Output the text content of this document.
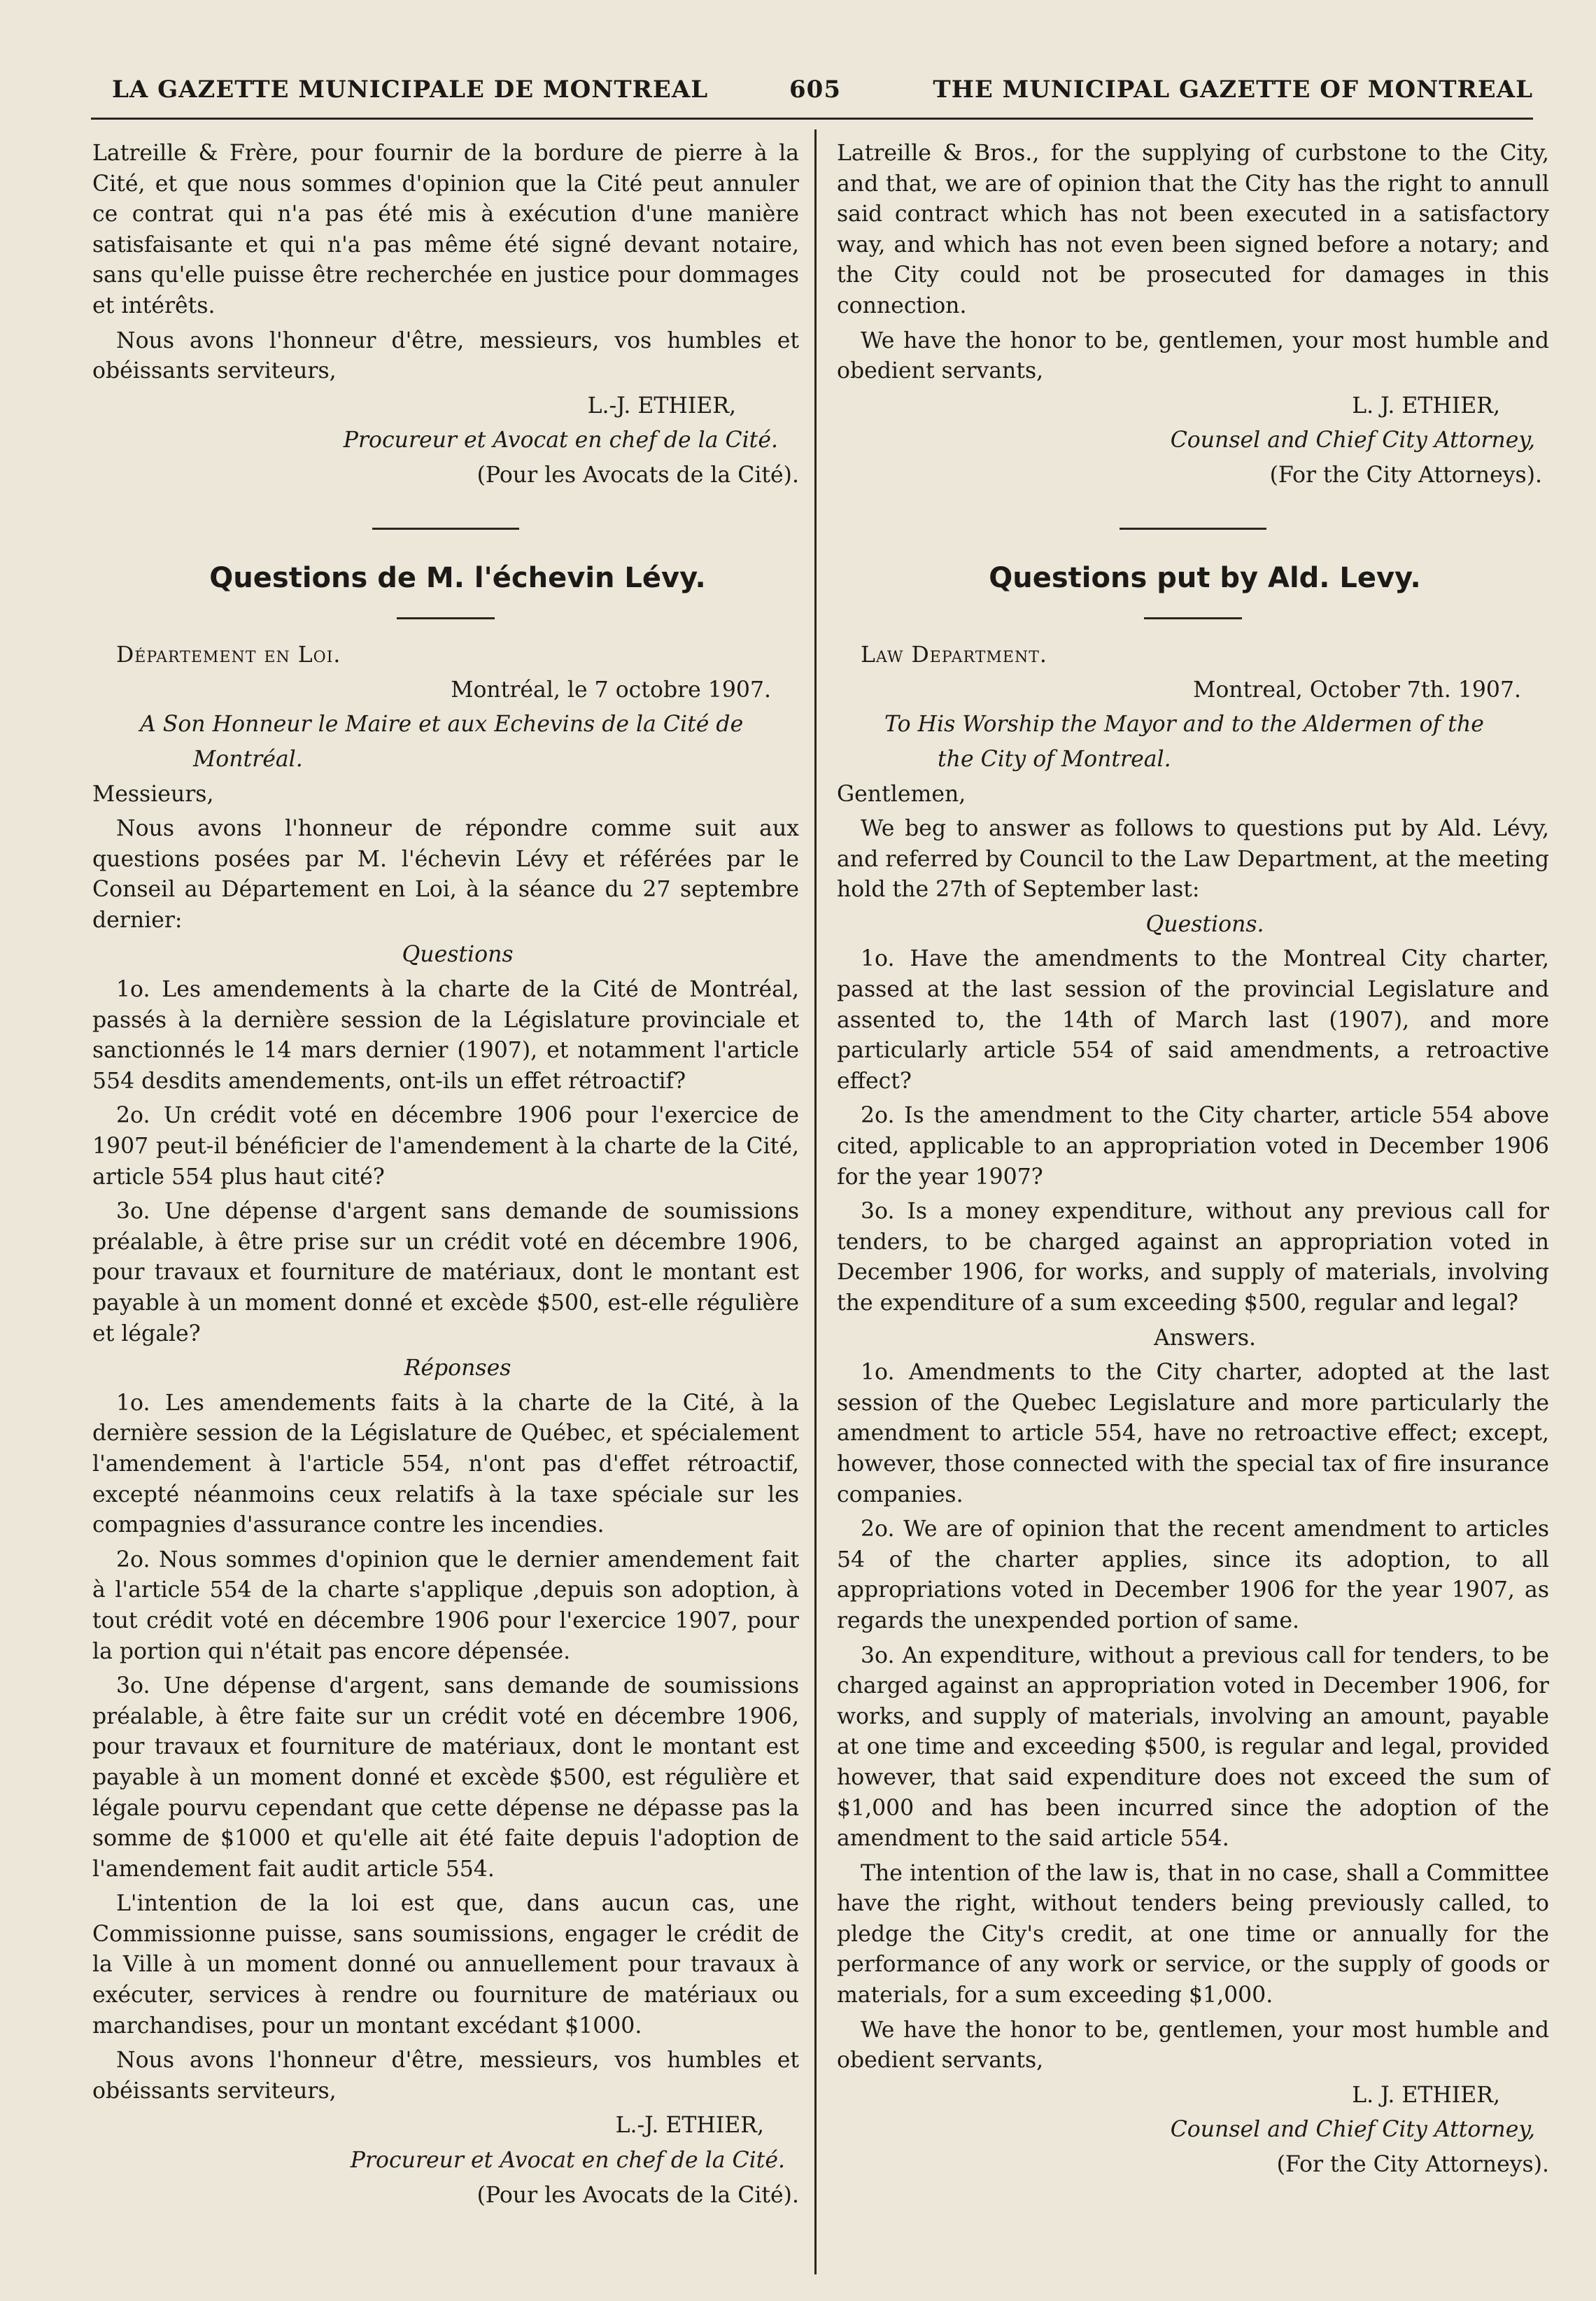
LA GAZETTE MUNICIPALE DE MONTREAL	605	THE MUNICIPAL GAZETTE OF MONTREAL

Latreille & Frère, pour fournir de la bordure de pierre à la Cité, et que nous sommes d'opinion que la Cité peut annuler ce contrat qui n'a pas été mis à exécution d'une manière satisfaisante et qui n'a pas même été signé devant notaire, sans qu'elle puisse être recherchée en justice pour dommages et intérêts.

Nous avons l'honneur d'être, messieurs, vos humbles et obéissants serviteurs,

L.-J. ETHIER,

Procureur et Avocat en chef de la Cité.

(Pour les Avocats de la Cité).

Questions de M. l'échevin Lévy.

Département en Loi.

Montréal, le 7 octobre 1907.

A Son Honneur le Maire et aux Echevins de la Cité de

Montréal.

Messieurs,

Nous avons l'honneur de répondre comme suit aux questions posées par M. l'échevin Lévy et référées par le Conseil au Département en Loi, à la séance du 27 septembre dernier:

Questions

1o. Les amendements à la charte de la Cité de Montréal, passés à la dernière session de la Législature provinciale et sanctionnés le 14 mars dernier (1907), et notamment l'article 554 desdits amendements, ont-ils un effet rétroactif?

2o. Un crédit voté en décembre 1906 pour l'exercice de 1907 peut-il bénéficier de l'amendement à la charte de la Cité, article 554 plus haut cité?

3o. Une dépense d'argent sans demande de soumissions préalable, à être prise sur un crédit voté en décembre 1906, pour travaux et fourniture de matériaux, dont le montant est payable à un moment donné et excède $500, est-elle régulière et légale?

Réponses

1o. Les amendements faits à la charte de la Cité, à la dernière session de la Législature de Québec, et spécialement l'amendement à l'article 554, n'ont pas d'effet rétroactif, excepté néanmoins ceux relatifs à la taxe spéciale sur les compagnies d'assurance contre les incendies.

2o. Nous sommes d'opinion que le dernier amendement fait à l'article 554 de la charte s'applique ,depuis son adoption, à tout crédit voté en décembre 1906 pour l'exercice 1907, pour la portion qui n'était pas encore dépensée.

3o. Une dépense d'argent, sans demande de soumissions préalable, à être faite sur un crédit voté en décembre 1906, pour travaux et fourniture de matériaux, dont le montant est payable à un moment donné et excède $500, est régulière et légale pourvu cependant que cette dépense ne dépasse pas la somme de $1000 et qu'elle ait été faite depuis l'adoption de l'amendement fait audit article 554.

L'intention de la loi est que, dans aucun cas, une Commissionne puisse, sans soumissions, engager le crédit de la Ville à un moment donné ou annuellement pour travaux à exécuter, services à rendre ou fourniture de matériaux ou marchandises, pour un montant excédant $1000.

Nous avons l'honneur d'être, messieurs, vos humbles et obéissants serviteurs,

L.-J. ETHIER,

Procureur et Avocat en chef de la Cité.

(Pour les Avocats de la Cité).

Latreille & Bros., for the supplying of curbstone to the City, and that, we are of opinion that the City has the right to annull said contract which has not been executed in a satisfactory way, and which has not even been signed before a notary; and the City could not be prosecuted for damages in this connection.

We have the honor to be, gentlemen, your most humble and obedient servants,

L. J. ETHIER,

Counsel and Chief City Attorney,

(For the City Attorneys).

Questions put by Ald. Levy.

Law Department.

Montreal, October 7th. 1907.

To His Worship the Mayor and to the Aldermen of the

the City of Montreal.

Gentlemen,

We beg to answer as follows to questions put by Ald. Lévy, and referred by Council to the Law Department, at the meeting hold the 27th of September last:

Questions.

1o. Have the amendments to the Montreal City charter, passed at the last session of the provincial Legislature and assented to, the 14th of March last (1907), and more particularly article 554 of said amendments, a retroactive effect?

2o. Is the amendment to the City charter, article 554 above cited, applicable to an appropriation voted in December 1906 for the year 1907?

3o. Is a money expenditure, without any previous call for tenders, to be charged against an appropriation voted in December 1906, for works, and supply of materials, involving the expenditure of a sum exceeding $500, regular and legal?

Answers.

1o. Amendments to the City charter, adopted at the last session of the Quebec Legislature and more particularly the amendment to article 554, have no retroactive effect; except, however, those connected with the special tax of fire insurance companies.

2o. We are of opinion that the recent amendment to articles 54 of the charter applies, since its adoption, to all appropriations voted in December 1906 for the year 1907, as regards the unexpended portion of same.

3o. An expenditure, without a previous call for tenders, to be charged against an appropriation voted in December 1906, for works, and supply of materials, involving an amount, payable at one time and exceeding $500, is regular and legal, provided however, that said expenditure does not exceed the sum of $1,000 and has been incurred since the adoption of the amendment to the said article 554.

The intention of the law is, that in no case, shall a Committee have the right, without tenders being previously called, to pledge the City's credit, at one time or annually for the performance of any work or service, or the supply of goods or materials, for a sum exceeding $1,000.

We have the honor to be, gentlemen, your most humble and obedient servants,

L. J. ETHIER,

Counsel and Chief City Attorney,

(For the City Attorneys).
